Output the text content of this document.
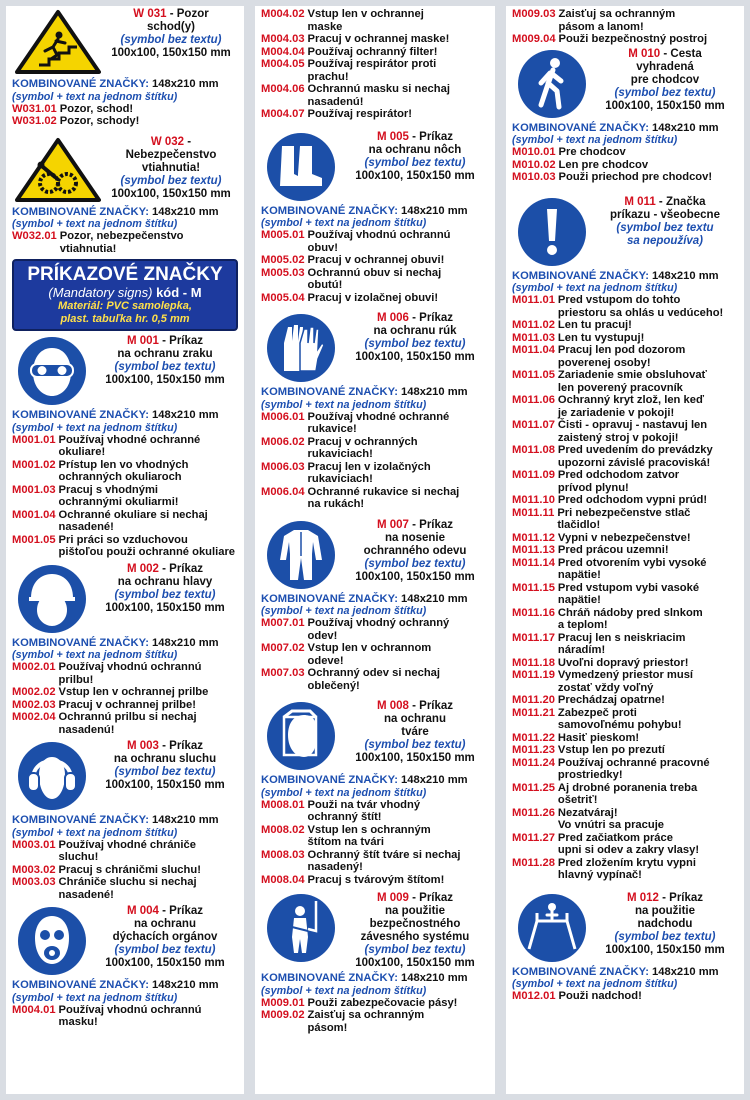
W 031 - Pozor
schod(y)
(symbol bez textu)
100x100, 150x150 mm
KOMBINOVANÉ ZNAČKY: 148x210 mm
(symbol + text na jednom štítku)
W031.01 Pozor, schod!
W031.02 Pozor, schody!
W 032 - Nebezpečenstvo
vtiahnutia!
(symbol bez textu)
100x100, 150x150 mm
KOMBINOVANÉ ZNAČKY: 148x210 mm
(symbol + text na jednom štítku)
W032.01 Pozor, nebezpečenstvo
vtiahnutia!
PRÍKAZOVÉ ZNAČKY
(Mandatory signs) kód - M
Materiál: PVC samolepka,
plast. tabuľka hr. 0,5 mm
M 001 - Príkaz
na ochranu zraku
(symbol bez textu)
100x100, 150x150 mm
KOMBINOVANÉ ZNAČKY: 148x210 mm
(symbol + text na jednom štítku)
M001.01 Používaj vhodné ochranné
okuliare!
M001.02 Prístup len vo vhodných
ochranných okuliaroch
M001.03 Pracuj s vhodnými
ochrannými okuliarmi!
M001.04 Ochranné okuliare si nechaj
nasadené!
M001.05 Pri práci so vzduchovou
pištoľou použi ochranné okuliare
M 002 - Príkaz
na ochranu hlavy
(symbol bez textu)
100x100, 150x150 mm
KOMBINOVANÉ ZNAČKY: 148x210 mm
(symbol + text na jednom štítku)
M002.01 Používaj vhodnú ochrannú
prilbu!
M002.02 Vstup len v ochrannej prilbe
M002.03 Pracuj v ochrannej prilbe!
M002.04 Ochrannú prilbu si nechaj
nasadenú!
M 003 - Príkaz
na ochranu sluchu
(symbol bez textu)
100x100, 150x150 mm
KOMBINOVANÉ ZNAČKY: 148x210 mm
(symbol + text na jednom štítku)
M003.01 Používaj vhodné chrániče
sluchu!
M003.02 Pracuj s chráničmi sluchu!
M003.03 Chrániče sluchu si nechaj
nasadené!
M 004 - Príkaz
na ochranu
dýchacích orgánov
(symbol bez textu)
100x100, 150x150 mm
KOMBINOVANÉ ZNAČKY: 148x210 mm
(symbol + text na jednom štítku)
M004.01 Používaj vhodnú ochrannú
masku!
M004.02 Vstup len v ochrannej
maske
M004.03 Pracuj v ochrannej maske!
M004.04 Používaj ochranný filter!
M004.05 Používaj respirátor proti
prachu!
M004.06 Ochrannú masku si nechaj
nasadenú!
M004.07 Používaj respirátor!
M 005 - Príkaz
na ochranu nôch
(symbol bez textu)
100x100, 150x150 mm
KOMBINOVANÉ ZNAČKY: 148x210 mm
(symbol + text na jednom štítku)
M005.01 Používaj vhodnú ochrannú
obuv!
M005.02 Pracuj v ochrannej obuvi!
M005.03 Ochrannú obuv si nechaj
obutú!
M005.04 Pracuj v izolačnej obuvi!
M 006 - Príkaz
na ochranu rúk
(symbol bez textu)
100x100, 150x150 mm
KOMBINOVANÉ ZNAČKY: 148x210 mm
(symbol + text na jednom štítku)
M006.01 Používaj vhodné ochranné
rukavice!
M006.02 Pracuj v ochranných
rukaviciach!
M006.03 Pracuj len v izolačných
rukaviciach!
M006.04 Ochranné rukavice si nechaj
na rukách!
M 007 - Príkaz
na nosenie
ochranného odevu
(symbol bez textu)
100x100, 150x150 mm
KOMBINOVANÉ ZNAČKY: 148x210 mm
(symbol + text na jednom štítku)
M007.01 Používaj vhodný ochranný
odev!
M007.02 Vstup len v ochrannom
odeve!
M007.03 Ochranný odev si nechaj
oblečený!
M 008 - Príkaz
na ochranu
tváre
(symbol bez textu)
100x100, 150x150 mm
KOMBINOVANÉ ZNAČKY: 148x210 mm
(symbol + text na jednom štítku)
M008.01 Použi na tvár vhodný
ochranný štít!
M008.02 Vstup len s ochranným
štítom na tvári
M008.03 Ochranný štít tváre si nechaj
nasadený!
M008.04 Pracuj s tvárovým štítom!
M 009 - Príkaz
na použitie
bezpečnostného
závesného systému
(symbol bez textu)
100x100, 150x150 mm
KOMBINOVANÉ ZNAČKY: 148x210 mm
(symbol + text na jednom štítku)
M009.01 Použi zabezpečovacie pásy!
M009.02 Zaisťuj sa ochranným
pásom!
M009.03 Zaisťuj sa ochranným
pásom a lanom!
M009.04 Použi bezpečnostný postroj
M 010 - Cesta
vyhradená
pre chodcov
(symbol bez textu)
100x100, 150x150 mm
KOMBINOVANÉ ZNAČKY: 148x210 mm
(symbol + text na jednom štítku)
M010.01 Pre chodcov
M010.02 Len pre chodcov
M010.03 Použi priechod pre chodcov!
M 011 - Značka
príkazu - všeobecne
(symbol bez textu
sa nepoužíva)
KOMBINOVANÉ ZNAČKY: 148x210 mm
(symbol + text na jednom štítku)
M011.01 Pred vstupom do tohto
priestoru sa ohlás u vedúceho!
M011.02 Len tu pracuj!
M011.03 Len tu vystupuj!
M011.04 Pracuj len pod dozorom
poverenej osoby!
M011.05 Zariadenie smie obsluhovať
len poverený pracovník
M011.06 Ochranný kryt zlož, len keď
je zariadenie v pokoji!
M011.07 Čisti - opravuj - nastavuj len
zaistený stroj v pokoji!
M011.08 Pred uvedením do prevádzky
upozorni závislé pracoviská!
M011.09 Pred odchodom zatvor
prívod plynu!
M011.10 Pred odchodom vypni prúd!
M011.11 Pri nebezpečenstve stlač
tlačidlo!
M011.12 Vypni v nebezpečenstve!
M011.13 Pred prácou uzemni!
M011.14 Pred otvorením vybi vysoké
napätie!
M011.15 Pred vstupom vybi vasoké
napätie!
M011.16 Chráň nádoby pred slnkom
a teplom!
M011.17 Pracuj len s neiskriacim
náradím!
M011.18 Uvoľni dopravý priestor!
M011.19 Vymedzený priestor musí
zostať vždy voľný
M011.20 Prechádzaj opatrne!
M011.21 Zabezpeč proti
samovoľnému pohybu!
M011.22 Hasiť pieskom!
M011.23 Vstup len po prezutí
M011.24 Používaj ochranné pracovné
prostriedky!
M011.25 Aj drobné poranenia treba
ošetriť!
M011.26 Nezatváraj!
Vo vnútri sa pracuje
M011.27 Pred začiatkom práce
upni si odev a zakry vlasy!
M011.28 Pred zložením krytu vypni
hlavný vypínač!
M 012 - Príkaz
na použitie
nadchodu
(symbol bez textu)
100x100, 150x150 mm
KOMBINOVANÉ ZNAČKY: 148x210 mm
(symbol + text na jednom štítku)
M012.01 Použi nadchod!
